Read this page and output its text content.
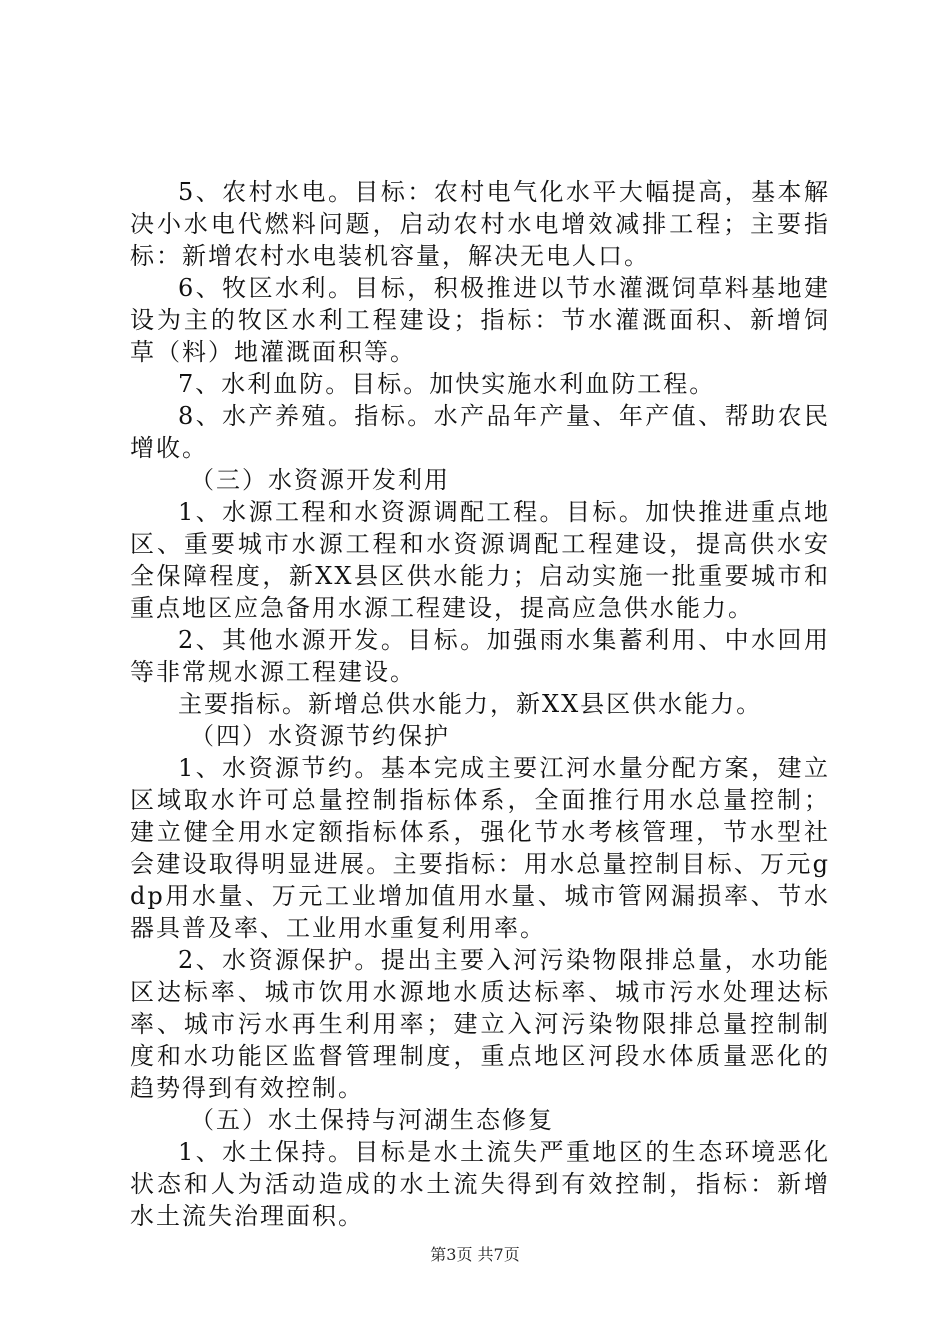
5、农村水电。目标：农村电气化水平大幅提高，基本解决小水电代燃料问题，启动农村水电增效减排工程；主要指标：新增农村水电装机容量，解决无电人口。

6、牧区水利。目标，积极推进以节水灌溉饲草料基地建设为主的牧区水利工程建设；指标：节水灌溉面积、新增饲草（料）地灌溉面积等。

7、水利血防。目标。加快实施水利血防工程。

8、水产养殖。指标。水产品年产量、年产值、帮助农民增收。

（三）水资源开发利用

1、水源工程和水资源调配工程。目标。加快推进重点地区、重要城市水源工程和水资源调配工程建设，提高供水安全保障程度，新XX县区供水能力；启动实施一批重要城市和重点地区应急备用水源工程建设，提高应急供水能力。

2、其他水源开发。目标。加强雨水集蓄利用、中水回用等非常规水源工程建设。

主要指标。新增总供水能力，新XX县区供水能力。

（四）水资源节约保护

1、水资源节约。基本完成主要江河水量分配方案，建立区域取水许可总量控制指标体系，全面推行用水总量控制；建立健全用水定额指标体系，强化节水考核管理，节水型社会建设取得明显进展。主要指标：用水总量控制目标、万元gdp用水量、万元工业增加值用水量、城市管网漏损率、节水器具普及率、工业用水重复利用率。

2、水资源保护。提出主要入河污染物限排总量，水功能区达标率、城市饮用水源地水质达标率、城市污水处理达标率、城市污水再生利用率；建立入河污染物限排总量控制制度和水功能区监督管理制度，重点地区河段水体质量恶化的趋势得到有效控制。

（五）水土保持与河湖生态修复

1、水土保持。目标是水土流失严重地区的生态环境恶化状态和人为活动造成的水土流失得到有效控制，指标：新增水土流失治理面积。

第3页 共7页
